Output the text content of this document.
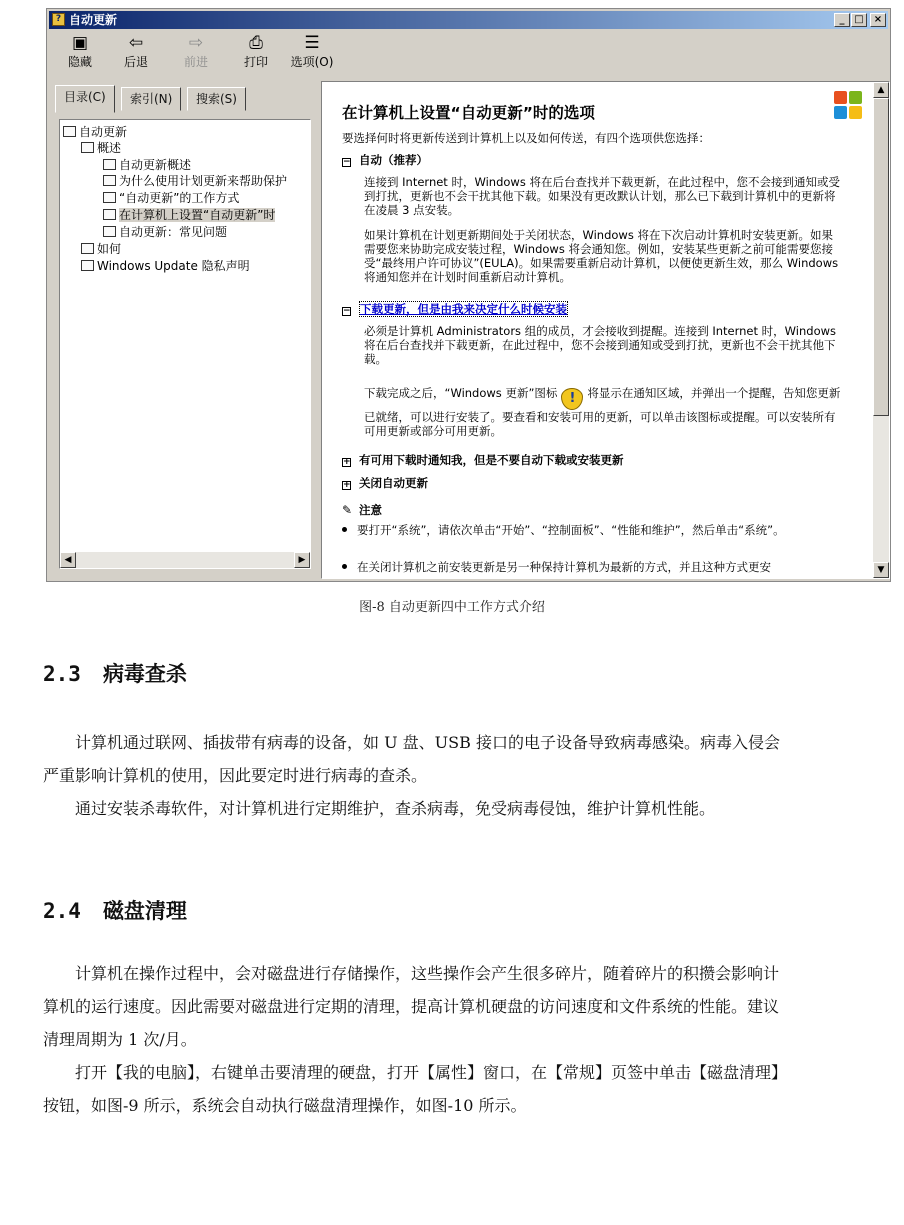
? 自动更新	_ □	×
▣
隐藏
⇦
后退
⇨
前进
⎙
打印
☰
选项(O)
目录(C)	索引(N)	搜索(S)
自动更新
概述
自动更新概述
为什么使用计划更新来帮助保护
“自动更新”的工作方式
在计算机上设置“自动更新”时
自动更新：常见问题
如何
Windows Update 隐私声明
◀	▶
在计算机上设置“自动更新”时的选项
要选择何时将更新传送到计算机上以及如何传送，有四个选项供您选择：
− 自动（推荐）
连接到 Internet 时，Windows 将在后台查找并下载更新，在此过程中，您不会接到通知或受到打扰，更新也不会干扰其他下载。如果没有更改默认计划，那么已下载到计算机中的更新将在凌晨 3 点安装。
如果计算机在计划更新期间处于关闭状态，Windows 将在下次启动计算机时安装更新。如果需要您来协助完成安装过程，Windows 将会通知您。例如，安装某些更新之前可能需要您接受“最终用户许可协议”(EULA)。如果需要重新启动计算机，以便使更新生效，那么 Windows 将通知您并在计划时间重新启动计算机。
− 下载更新，但是由我来决定什么时候安装
必须是计算机 Administrators 组的成员，才会接收到提醒。连接到 Internet 时，Windows 将在后台查找并下载更新，在此过程中，您不会接到通知或受到打扰，更新也不会干扰其他下载。
下载完成之后，“Windows 更新”图标 ! 将显示在通知区域，并弹出一个提醒，告知您更新已就绪，可以进行安装了。要查看和安装可用的更新，可以单击该图标或提醒。可以安装所有可用更新或部分可用更新。
+ 有可用下载时通知我，但是不要自动下载或安装更新
+ 关闭自动更新
✎ 注意
要打开“系统”，请依次单击“开始”、“控制面板”、“性能和维护”，然后单击“系统”。
在关闭计算机之前安装更新是另一种保持计算机为最新的方式，并且这种方式更安
▲
▼
图-8 自动更新四中工作方式介绍
2.3 病毒查杀

计算机通过联网、插拔带有病毒的设备，如 U 盘、USB 接口的电子设备导致病毒感染。病毒入侵会严重影响计算机的使用，因此要定时进行病毒的查杀。

通过安装杀毒软件，对计算机进行定期维护，查杀病毒，免受病毒侵蚀，维护计算机性能。

2.4 磁盘清理

计算机在操作过程中，会对磁盘进行存储操作，这些操作会产生很多碎片，随着碎片的积攒会影响计算机的运行速度。因此需要对磁盘进行定期的清理，提高计算机硬盘的访问速度和文件系统的性能。建议清理周期为 1 次/月。

打开【我的电脑】，右键单击要清理的硬盘，打开【属性】窗口，在【常规】页签中单击【磁盘清理】按钮，如图-9 所示，系统会自动执行磁盘清理操作，如图-10 所示。
